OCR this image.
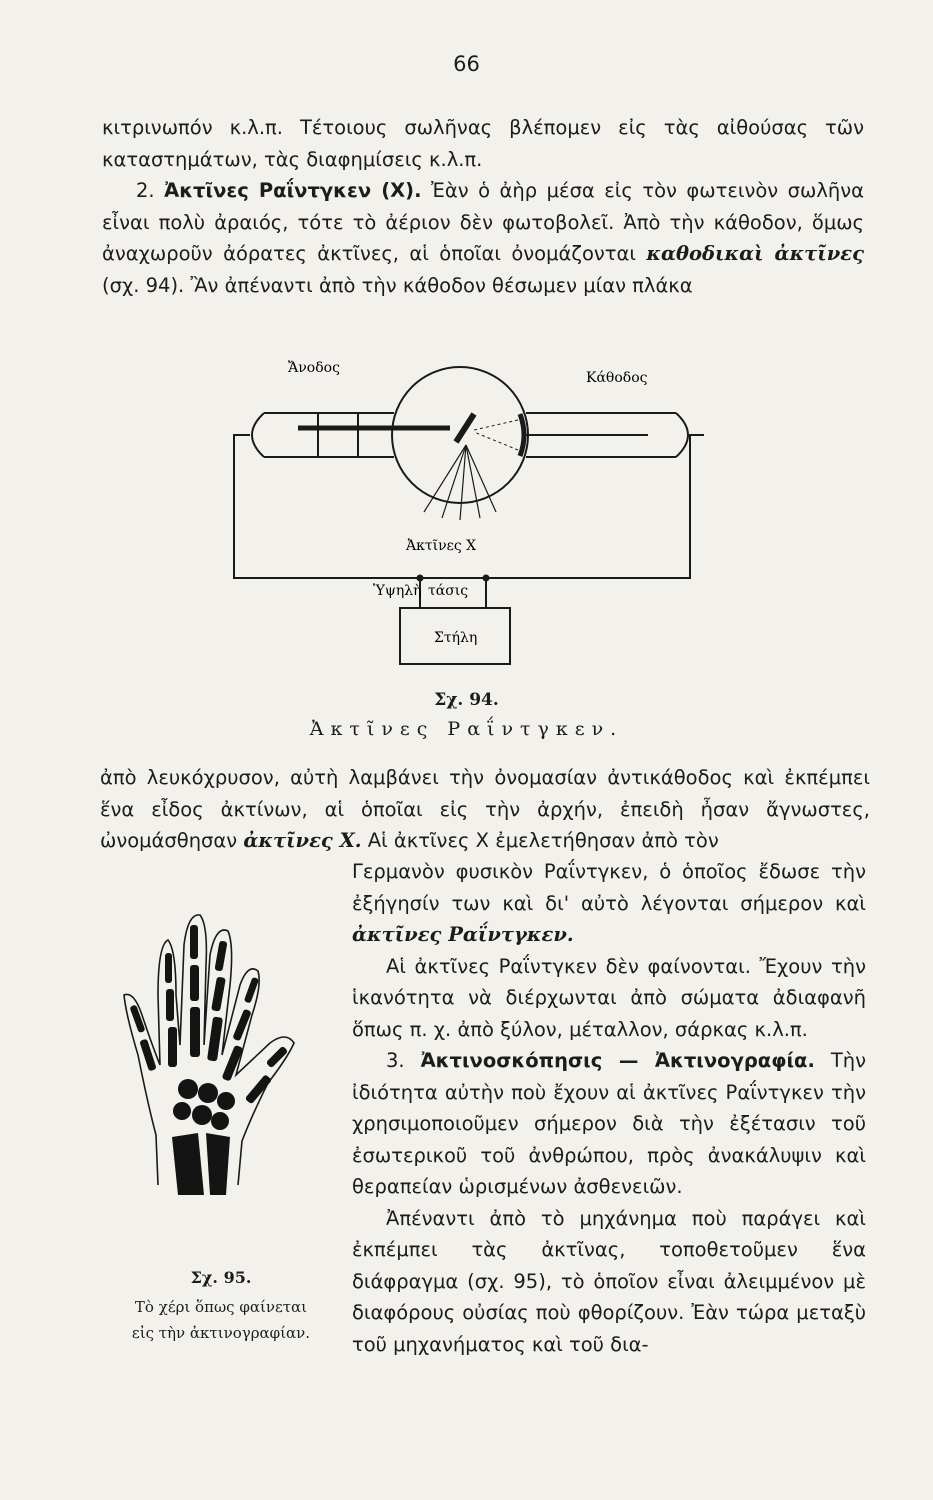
66

κιτρινωπόν κ.λ.π. Τέτοιους σωλῆνας βλέπομεν εἰς τὰς αἰθούσας τῶν καταστημάτων, τὰς διαφημίσεις κ.λ.π.

2. Ἀκτῖνες Ραΐντγκεν (Χ). Ἐὰν ὁ ἀὴρ μέσα εἰς τὸν φωτεινὸν σωλῆνα εἶναι πολὺ ἀραιός, τότε τὸ ἀέριον δὲν φωτοβολεῖ. Ἀπὸ τὴν κάθοδον, ὅμως ἀναχωροῦν ἀόρατες ἀκτῖνες, αἱ ὁποῖαι ὀνομάζονται καθοδικαὶ ἀκτῖνες (σχ. 94). Ἂν ἀπέναντι ἀπὸ τὴν κάθοδον θέσωμεν μίαν πλάκα

Ἄνοδος
Κάθοδος
Ἀκτῖνες Χ
Ὑψηλὴ τάσις
Στήλη
Σχ. 94.
Ἀκτῖνες Ραΐντγκεν.

ἀπὸ λευκόχρυσον, αὐτὴ λαμβάνει τὴν ὀνομασίαν ἀντικάθοδος καὶ ἐκπέμπει ἕνα εἶδος ἀκτίνων, αἱ ὁποῖαι εἰς τὴν ἀρχήν, ἐπειδὴ ἦσαν ἄγνωστες, ὠνομάσθησαν ἀκτῖνες Χ. Αἱ ἀκτῖνες Χ ἐμελετήθησαν ἀπὸ τὸν

Γερμανὸν φυσικὸν Ραΐντγκεν, ὁ ὁποῖος ἔδωσε τὴν ἐξήγησίν των καὶ δι' αὐτὸ λέγονται σήμερον καὶ ἀκτῖνες Ραΐντγκεν.

Αἱ ἀκτῖνες Ραΐντγκεν δὲν φαίνονται. Ἔχουν τὴν ἱκανότητα νὰ διέρχωνται ἀπὸ σώματα ἀδιαφανῆ ὅπως π. χ. ἀπὸ ξύλον, μέταλλον, σάρκας κ.λ.π.

3. Ἀκτινοσκόπησις — Ἀκτινογραφία. Τὴν ἰδιότητα αὐτὴν ποὺ ἔχουν αἱ ἀκτῖνες Ραΐντγκεν τὴν χρησιμοποιοῦμεν σήμερον διὰ τὴν ἐξέτασιν τοῦ ἐσωτερικοῦ τοῦ ἀνθρώπου, πρὸς ἀνακάλυψιν καὶ θεραπείαν ὡρισμένων ἀσθενειῶν.

Ἀπέναντι ἀπὸ τὸ μηχάνημα ποὺ παράγει καὶ ἐκπέμπει τὰς ἀκτῖνας, τοποθετοῦμεν ἕνα διάφραγμα (σχ. 95), τὸ ὁποῖον εἶναι ἀλειμμένον μὲ διαφόρους οὐσίας ποὺ φθορίζουν. Ἐὰν τώρα μεταξὺ τοῦ μηχανήματος καὶ τοῦ δια-

Σχ. 95.
Τὸ χέρι ὅπως φαίνεται
εἰς τὴν ἀκτινογραφίαν.
